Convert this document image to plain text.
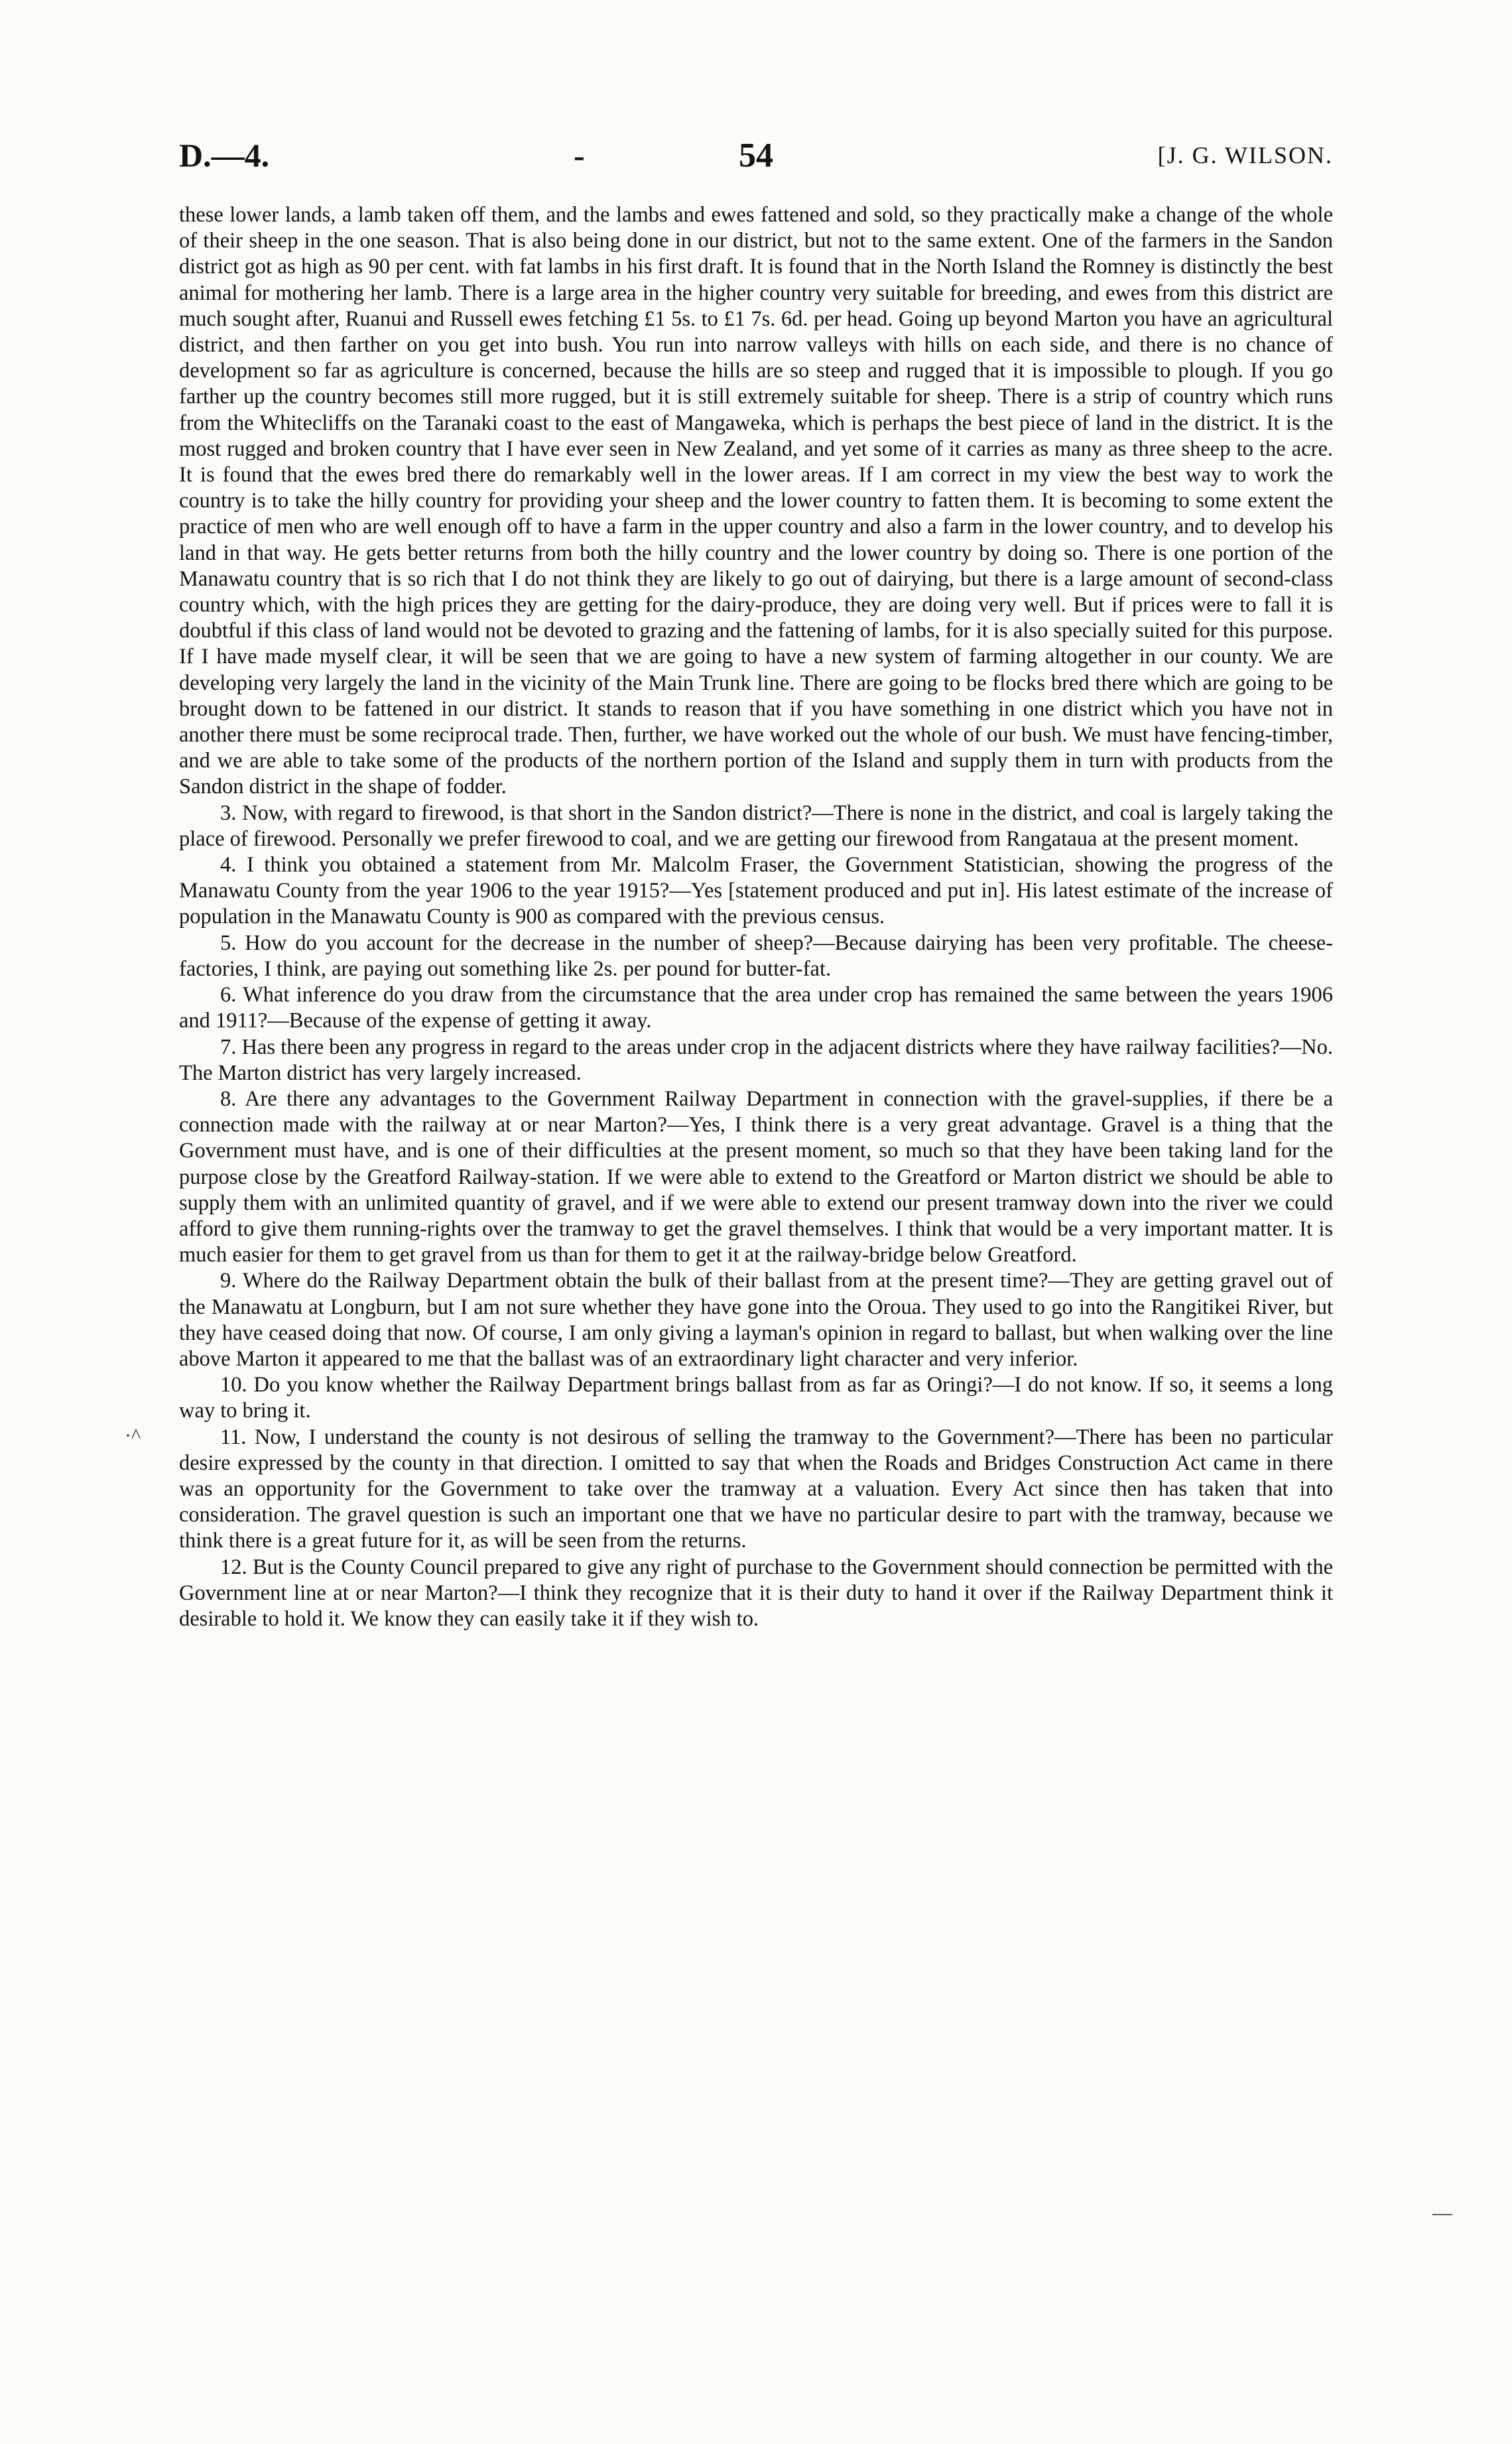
D.—4.	-	54	[J. G. WILSON.

these lower lands, a lamb taken off them, and the lambs and ewes fattened and sold, so they practically make a change of the whole of their sheep in the one season. That is also being done in our district, but not to the same extent. One of the farmers in the Sandon district got as high as 90 per cent. with fat lambs in his first draft. It is found that in the North Island the Romney is distinctly the best animal for mothering her lamb. There is a large area in the higher country very suitable for breeding, and ewes from this district are much sought after, Ruanui and Russell ewes fetching £1 5s. to £1 7s. 6d. per head. Going up beyond Marton you have an agricultural district, and then farther on you get into bush. You run into narrow valleys with hills on each side, and there is no chance of development so far as agriculture is concerned, because the hills are so steep and rugged that it is impossible to plough. If you go farther up the country becomes still more rugged, but it is still extremely suitable for sheep. There is a strip of country which runs from the Whitecliffs on the Taranaki coast to the east of Mangaweka, which is perhaps the best piece of land in the district. It is the most rugged and broken country that I have ever seen in New Zealand, and yet some of it carries as many as three sheep to the acre. It is found that the ewes bred there do remarkably well in the lower areas. If I am correct in my view the best way to work the country is to take the hilly country for providing your sheep and the lower country to fatten them. It is becoming to some extent the practice of men who are well enough off to have a farm in the upper country and also a farm in the lower country, and to develop his land in that way. He gets better returns from both the hilly country and the lower country by doing so. There is one portion of the Manawatu country that is so rich that I do not think they are likely to go out of dairying, but there is a large amount of second-class country which, with the high prices they are getting for the dairy-produce, they are doing very well. But if prices were to fall it is doubtful if this class of land would not be devoted to grazing and the fattening of lambs, for it is also specially suited for this purpose. If I have made myself clear, it will be seen that we are going to have a new system of farming altogether in our county. We are developing very largely the land in the vicinity of the Main Trunk line. There are going to be flocks bred there which are going to be brought down to be fattened in our district. It stands to reason that if you have something in one district which you have not in another there must be some reciprocal trade. Then, further, we have worked out the whole of our bush. We must have fencing-timber, and we are able to take some of the products of the northern portion of the Island and supply them in turn with products from the Sandon district in the shape of fodder.

3. Now, with regard to firewood, is that short in the Sandon district?—There is none in the district, and coal is largely taking the place of firewood. Personally we prefer firewood to coal, and we are getting our firewood from Rangataua at the present moment.

4. I think you obtained a statement from Mr. Malcolm Fraser, the Government Statistician, showing the progress of the Manawatu County from the year 1906 to the year 1915?—Yes [statement produced and put in]. His latest estimate of the increase of population in the Manawatu County is 900 as compared with the previous census.

5. How do you account for the decrease in the number of sheep?—Because dairying has been very profitable. The cheese-factories, I think, are paying out something like 2s. per pound for butter-fat.

6. What inference do you draw from the circumstance that the area under crop has remained the same between the years 1906 and 1911?—Because of the expense of getting it away.

7. Has there been any progress in regard to the areas under crop in the adjacent districts where they have railway facilities?—No. The Marton district has very largely increased.

8. Are there any advantages to the Government Railway Department in connection with the gravel-supplies, if there be a connection made with the railway at or near Marton?—Yes, I think there is a very great advantage. Gravel is a thing that the Government must have, and is one of their difficulties at the present moment, so much so that they have been taking land for the purpose close by the Greatford Railway-station. If we were able to extend to the Greatford or Marton district we should be able to supply them with an unlimited quantity of gravel, and if we were able to extend our present tramway down into the river we could afford to give them running-rights over the tramway to get the gravel themselves. I think that would be a very important matter. It is much easier for them to get gravel from us than for them to get it at the railway-bridge below Greatford.

9. Where do the Railway Department obtain the bulk of their ballast from at the present time?—They are getting gravel out of the Manawatu at Longburn, but I am not sure whether they have gone into the Oroua. They used to go into the Rangitikei River, but they have ceased doing that now. Of course, I am only giving a layman's opinion in regard to ballast, but when walking over the line above Marton it appeared to me that the ballast was of an extraordinary light character and very inferior.

10. Do you know whether the Railway Department brings ballast from as far as Oringi?—I do not know. If so, it seems a long way to bring it.

11. Now, I understand the county is not desirous of selling the tramway to the Government?—There has been no particular desire expressed by the county in that direction. I omitted to say that when the Roads and Bridges Construction Act came in there was an opportunity for the Government to take over the tramway at a valuation. Every Act since then has taken that into consideration. The gravel question is such an important one that we have no particular desire to part with the tramway, because we think there is a great future for it, as will be seen from the returns.

12. But is the County Council prepared to give any right of purchase to the Government should connection be permitted with the Government line at or near Marton?—I think they recognize that it is their duty to hand it over if the Railway Department think it desirable to hold it. We know they can easily take it if they wish to.

·^
—
